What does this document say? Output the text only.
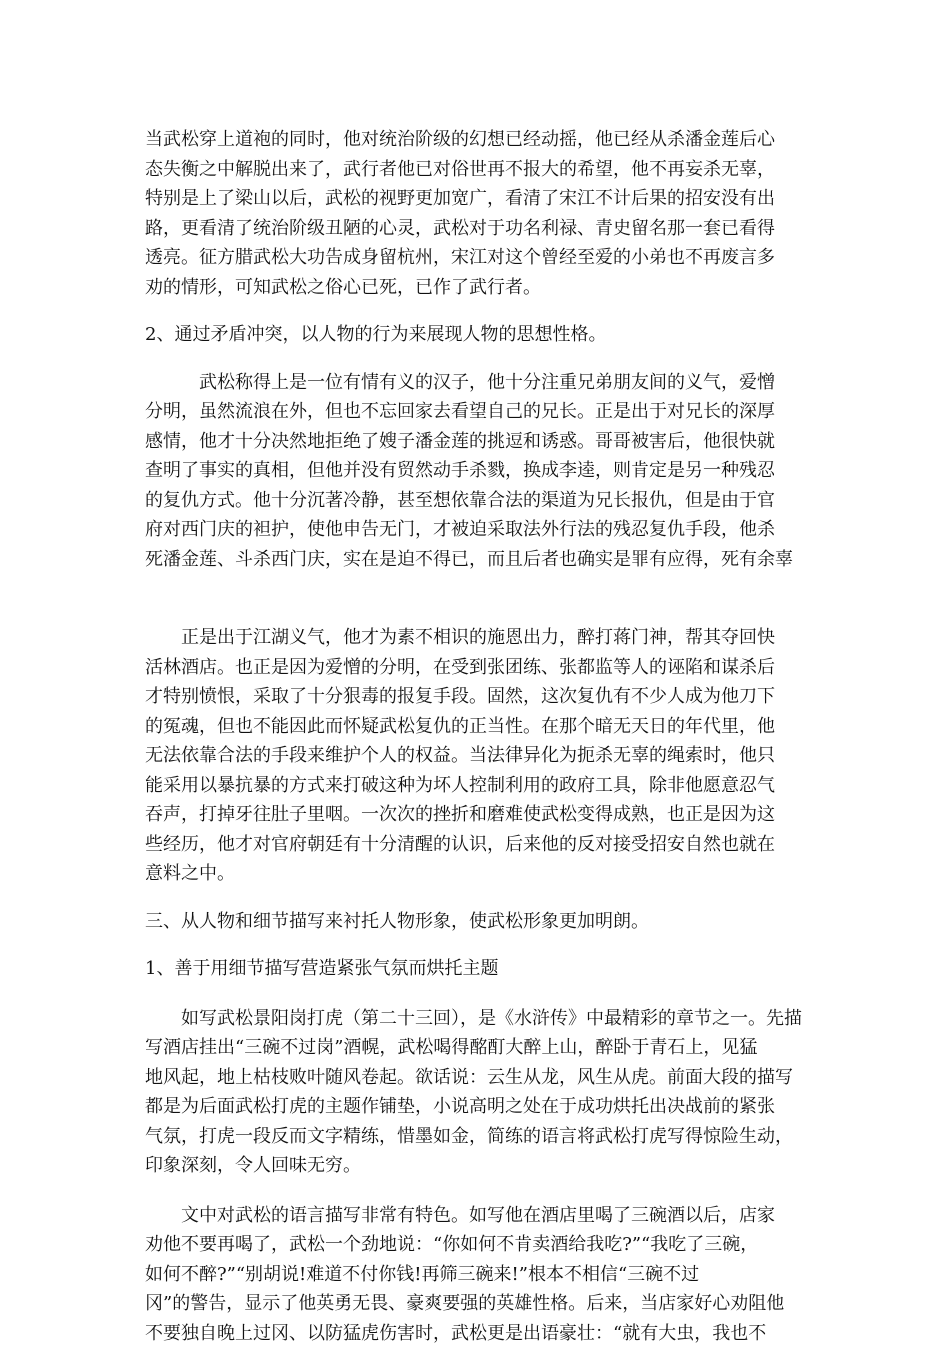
当武松穿上道袍的同时，他对统治阶级的幻想已经动摇，他已经从杀潘金莲后心

态失衡之中解脱出来了，武行者他已对俗世再不报大的希望，他不再妄杀无辜，

特别是上了梁山以后，武松的视野更加宽广，看清了宋江不计后果的招安没有出

路，更看清了统治阶级丑陋的心灵，武松对于功名利禄、青史留名那一套已看得

透亮。征方腊武松大功告成身留杭州，宋江对这个曾经至爱的小弟也不再废言多

劝的情形，可知武松之俗心已死，已作了武行者。

2、通过矛盾冲突，以人物的行为来展现人物的思想性格。

　　　武松称得上是一位有情有义的汉子，他十分注重兄弟朋友间的义气，爱憎

分明，虽然流浪在外，但也不忘回家去看望自己的兄长。正是出于对兄长的深厚

感情，他才十分决然地拒绝了嫂子潘金莲的挑逗和诱惑。哥哥被害后，他很快就

查明了事实的真相，但他并没有贸然动手杀戮，换成李逵，则肯定是另一种残忍

的复仇方式。他十分沉著冷静，甚至想依靠合法的渠道为兄长报仇，但是由于官

府对西门庆的袒护，使他申告无门，才被迫采取法外行法的残忍复仇手段，他杀

死潘金莲、斗杀西门庆，实在是迫不得已，而且后者也确实是罪有应得，死有余辜

　　正是出于江湖义气，他才为素不相识的施恩出力，醉打蒋门神，帮其夺回快

活林酒店。也正是因为爱憎的分明，在受到张团练、张都监等人的诬陷和谋杀后

才特别愤恨，采取了十分狠毒的报复手段。固然，这次复仇有不少人成为他刀下

的冤魂，但也不能因此而怀疑武松复仇的正当性。在那个暗无天日的年代里，他

无法依靠合法的手段来维护个人的权益。当法律异化为扼杀无辜的绳索时，他只

能采用以暴抗暴的方式来打破这种为坏人控制利用的政府工具，除非他愿意忍气

吞声，打掉牙往肚子里咽。一次次的挫折和磨难使武松变得成熟，也正是因为这

些经历，他才对官府朝廷有十分清醒的认识，后来他的反对接受招安自然也就在

意料之中。

三、从人物和细节描写来衬托人物形象，使武松形象更加明朗。

1、善于用细节描写营造紧张气氛而烘托主题

　　如写武松景阳岗打虎（第二十三回），是《水浒传》中最精彩的章节之一。先描

写酒店挂出“三碗不过岗”酒幌，武松喝得酩酊大醉上山，醉卧于青石上，见猛

地风起，地上枯枝败叶随风卷起。欲话说：云生从龙，风生从虎。前面大段的描写

都是为后面武松打虎的主题作铺垫，小说高明之处在于成功烘托出决战前的紧张

气氛，打虎一段反而文字精练，惜墨如金，简练的语言将武松打虎写得惊险生动，

印象深刻，令人回味无穷。

　　文中对武松的语言描写非常有特色。如写他在酒店里喝了三碗酒以后，店家

劝他不要再喝了，武松一个劲地说：“你如何不肯卖酒给我吃?”“我吃了三碗，

如何不醉?”“别胡说!难道不付你钱!再筛三碗来!”根本不相信“三碗不过

冈”的警告，显示了他英勇无畏、豪爽要强的英雄性格。后来，当店家好心劝阻他

不要独自晚上过冈、以防猛虎伤害时，武松更是出语豪壮：“就有大虫，我也不
